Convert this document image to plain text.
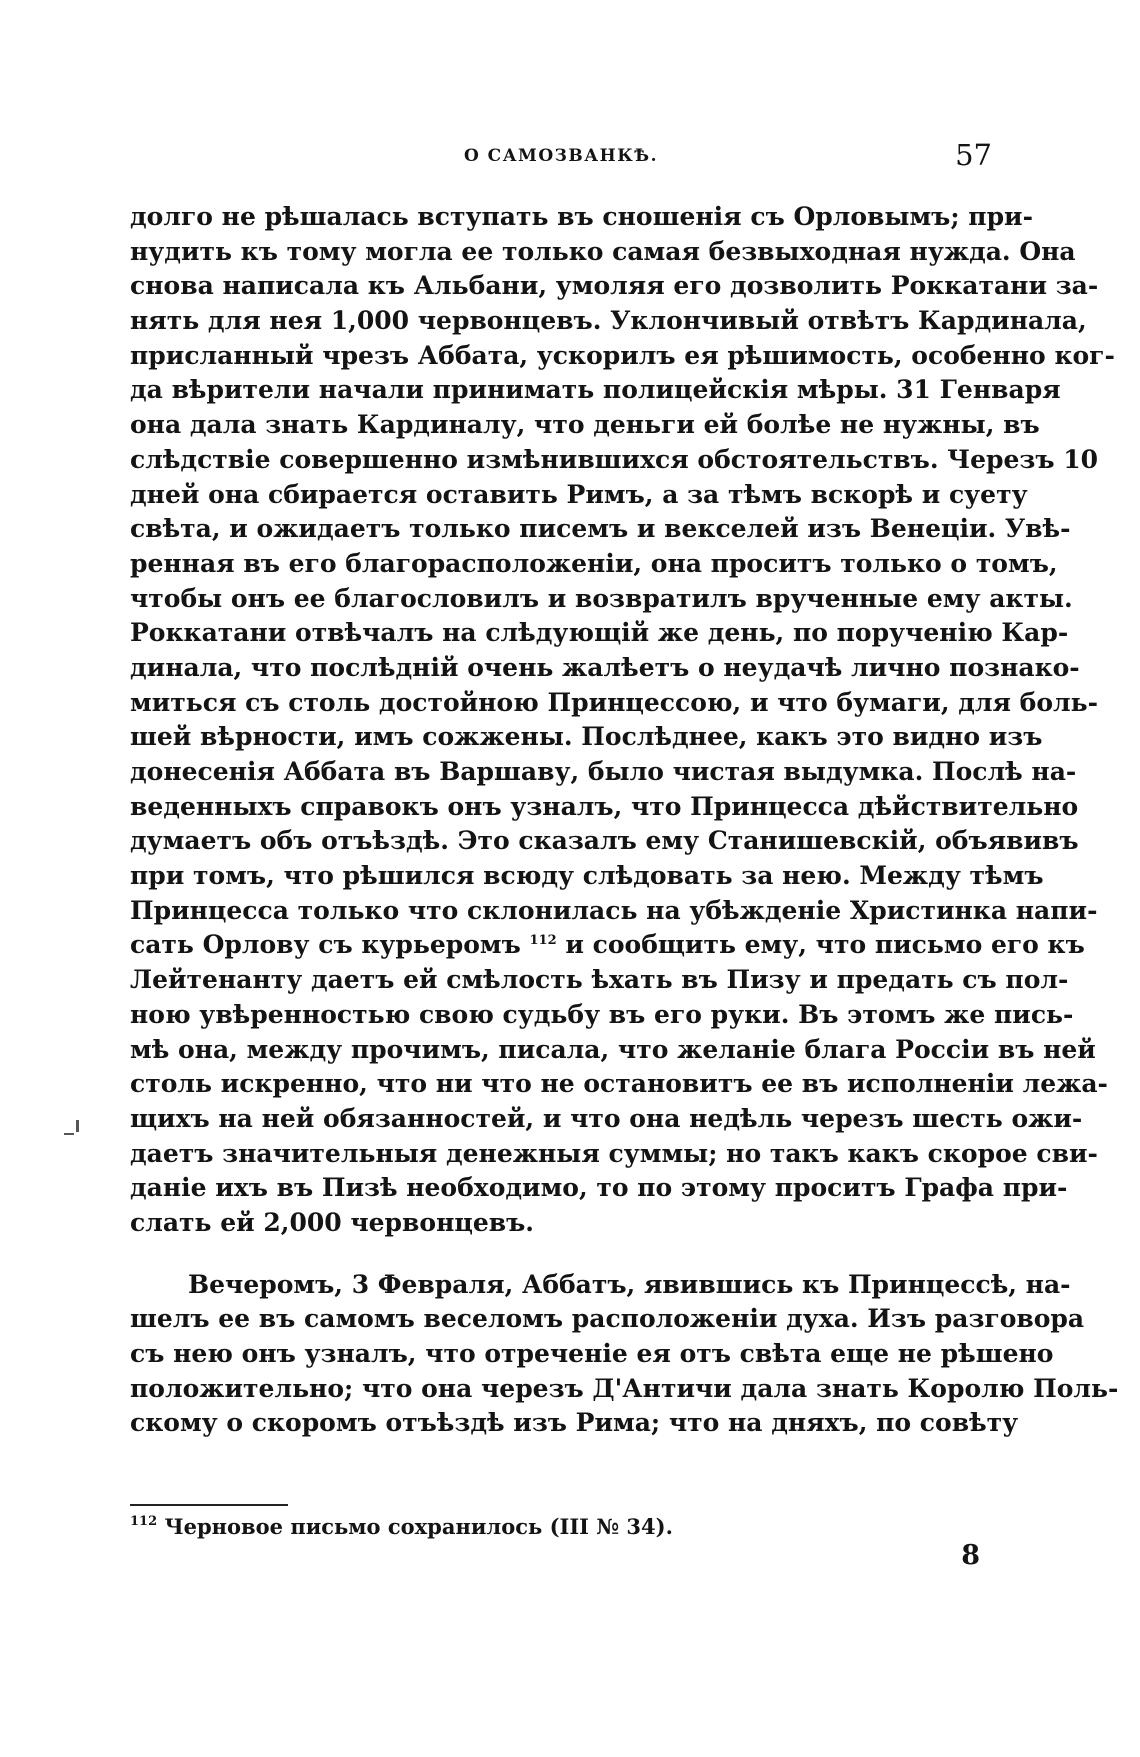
О САМОЗВАНКѢ.	57
долго не рѣшалась вступать въ сношенія съ Орловымъ; при-
нудить къ тому могла ее только самая безвыходная нужда. Она
снова написала къ Альбани, умоляя его дозволить Роккатани за-
нять для нея 1,000 червонцевъ. Уклончивый отвѣтъ Кардинала,
присланный чрезъ Аббата, ускорилъ ея рѣшимость, особенно ког-
да вѣрители начали принимать полицейскія мѣры. 31 Генваря
она дала знать Кардиналу, что деньги ей болѣе не нужны, въ
слѣдствіе совершенно измѣнившихся обстоятельствъ. Черезъ 10
дней она сбирается оставить Римъ, а за тѣмъ вскорѣ и суету
свѣта, и ожидаетъ только писемъ и векселей изъ Венеціи. Увѣ-
ренная въ его благорасположеніи, она проситъ только о томъ,
чтобы онъ ее благословилъ и возвратилъ врученные ему акты.
Роккатани отвѣчалъ на слѣдующій же день, по порученію Кар-
динала, что послѣдній очень жалѣетъ о неудачѣ лично познако-
миться съ столь достойною Принцессою, и что бумаги, для боль-
шей вѣрности, имъ сожжены. Послѣднее, какъ это видно изъ
донесенія Аббата въ Варшаву, было чистая выдумка. Послѣ на-
веденныхъ справокъ онъ узналъ, что Принцесса дѣйствительно
думаетъ объ отъѣздѣ. Это сказалъ ему Станишевскій, объявивъ
при томъ, что рѣшился всюду слѣдовать за нею. Между тѣмъ
Принцесса только что склонилась на убѣжденіе Христинка напи-
сать Орлову съ курьеромъ $^{112}$ и сообщить ему, что письмо его къ
Лейтенанту даетъ ей смѣлость ѣхать въ Пизу и предать съ пол-
ною увѣренностью свою судьбу въ его руки. Въ этомъ же пись-
мѣ она, между прочимъ, писала, что желаніе блага Россіи въ ней
столь искренно, что ни что не остановитъ ее въ исполненіи лежа-
щихъ на ней обязанностей, и что она недѣль черезъ шесть ожи-
даетъ значительныя денежныя суммы; но такъ какъ скорое сви-
даніе ихъ въ Пизѣ необходимо, то по этому проситъ Графа при-
слать ей 2,000 червонцевъ.
Вечеромъ, 3 Февраля, Аббатъ, явившись къ Принцессѣ, на-
шелъ ее въ самомъ веселомъ расположеніи духа. Изъ разговора
съ нею онъ узналъ, что отреченіе ея отъ свѣта еще не рѣшено
положительно; что она черезъ Д'Античи дала знать Королю Поль-
скому о скоромъ отъѣздѣ изъ Рима; что на дняхъ, по совѣту
$^{112}$ Черновое письмо сохранилось (III № 34).
8
